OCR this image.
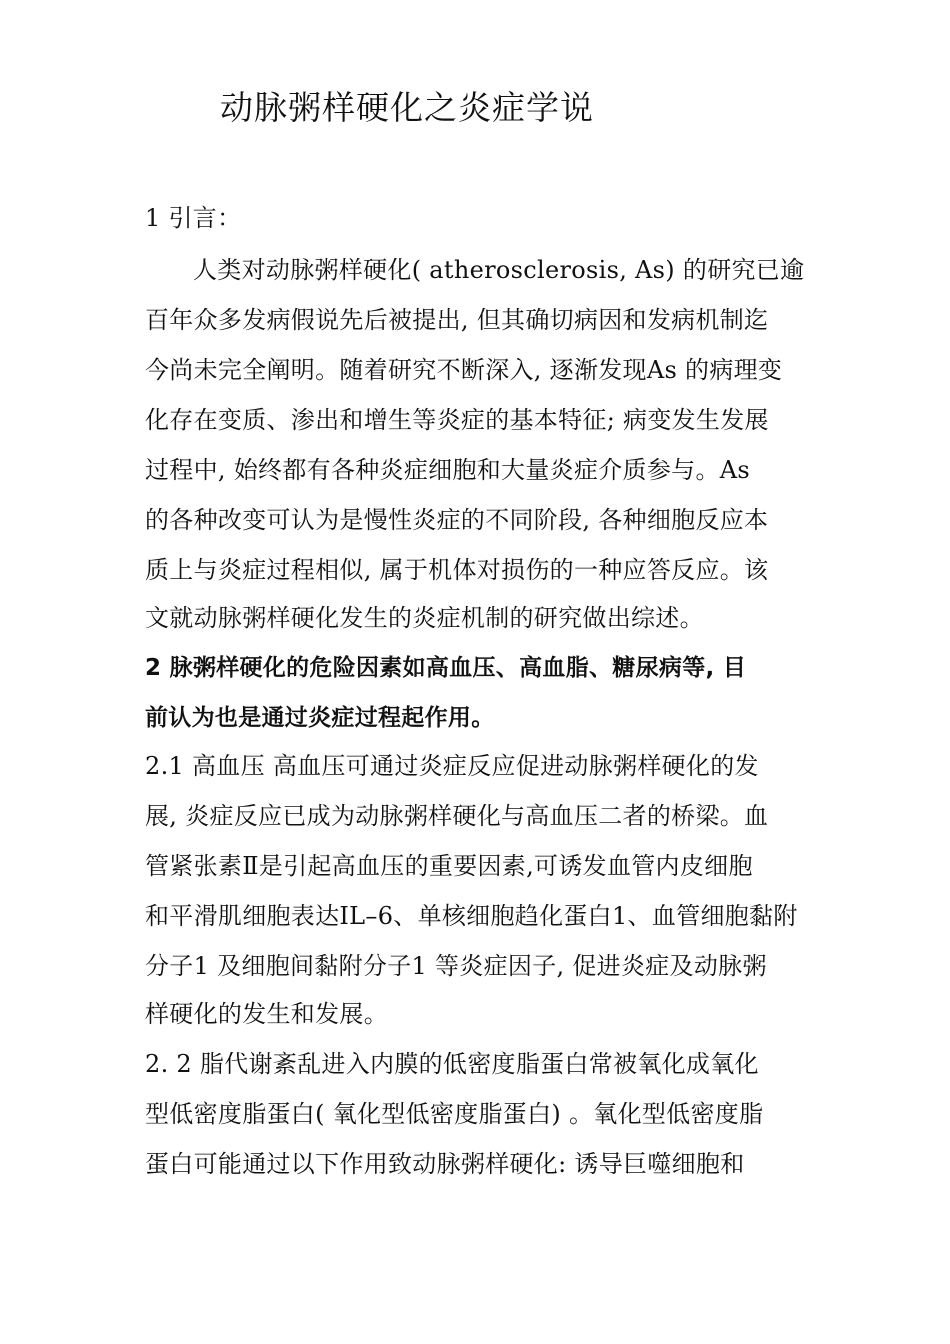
动脉粥样硬化之炎症学说
1 引言：
人类对动脉粥样硬化( atherosclerosis, As) 的研究已逾
百年众多发病假说先后被提出, 但其确切病因和发病机制迄
今尚未完全阐明。随着研究不断深入, 逐渐发现As 的病理变
化存在变质、渗出和增生等炎症的基本特征; 病变发生发展
过程中, 始终都有各种炎症细胞和大量炎症介质参与。As
的各种改变可认为是慢性炎症的不同阶段, 各种细胞反应本
质上与炎症过程相似, 属于机体对损伤的一种应答反应。该
文就动脉粥样硬化发生的炎症机制的研究做出综述。
2 脉粥样硬化的危险因素如高血压、高血脂、糖尿病等, 目
前认为也是通过炎症过程起作用。
2.1 高血压 高血压可通过炎症反应促进动脉粥样硬化的发
展, 炎症反应已成为动脉粥样硬化与高血压二者的桥梁。血
管紧张素Ⅱ是引起高血压的重要因素,可诱发血管内皮细胞
和平滑肌细胞表达IL–6、单核细胞趋化蛋白1、血管细胞黏附
分子1 及细胞间黏附分子1 等炎症因子, 促进炎症及动脉粥
样硬化的发生和发展。
2. 2 脂代谢紊乱进入内膜的低密度脂蛋白常被氧化成氧化
型低密度脂蛋白( 氧化型低密度脂蛋白) 。氧化型低密度脂
蛋白可能通过以下作用致动脉粥样硬化: 诱导巨噬细胞和
